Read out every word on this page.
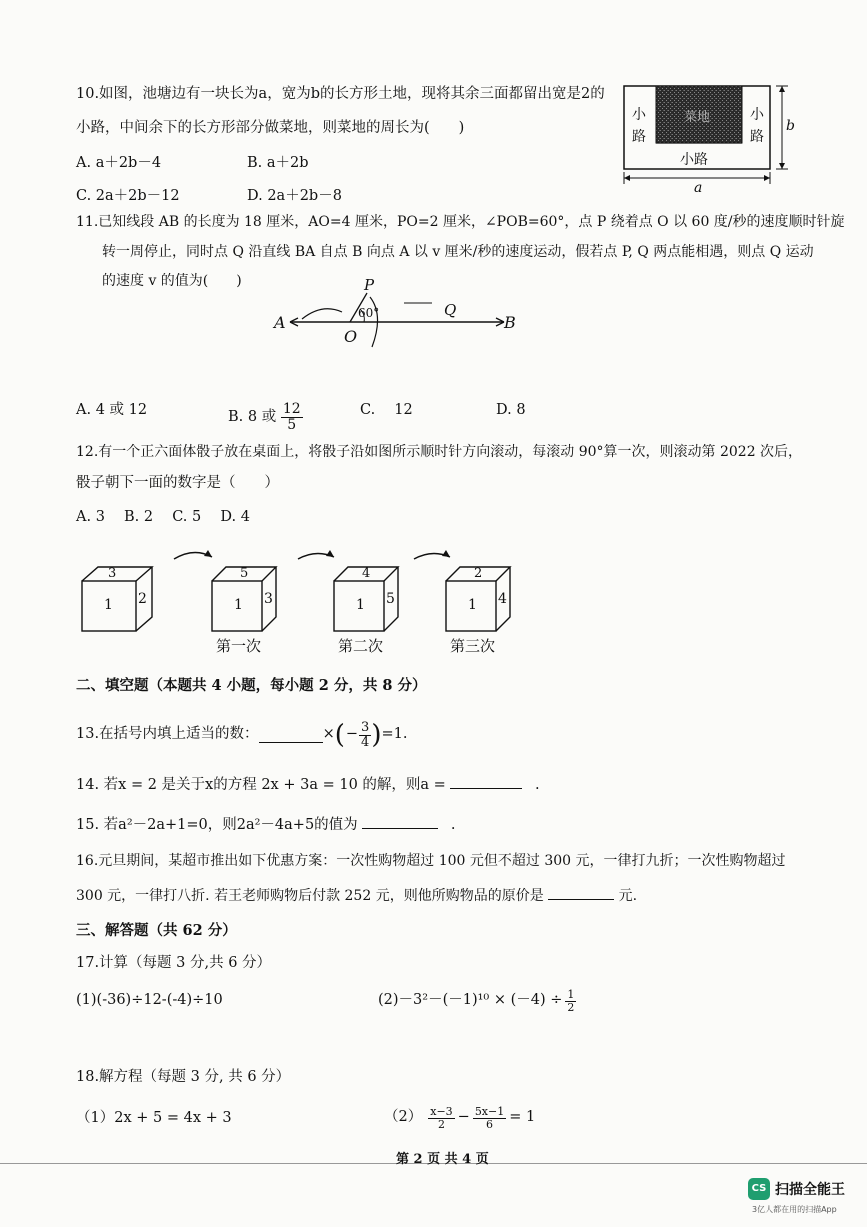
10.如图，池塘边有一块长为a，宽为b的长方形土地，现将其余三面都留出宽是2的
小路，中间余下的长方形部分做菜地，则菜地的周长为(　　)
A. a＋2b－4	B. a＋2b
C. 2a＋2b－12	D. 2a＋2b－8
小路
小路
小路
菜地
b
a
11.已知线段 AB 的长度为 18 厘米，AO=4 厘米，PO=2 厘米，∠POB=60°，点 P 绕着点 O 以 60 度/秒的速度顺时针旋
转一周停止，同时点 Q 沿直线 BA 自点 B 向点 A 以 v 厘米/秒的速度运动，假若点 P, Q 两点能相遇，则点 Q 运动
的速度 v 的值为(　　)
A
O
P
60°	Q
B
A. 4 或 12	B. 8 或 $\frac{12}{5}$	C.　 12	D. 8
12.有一个正六面体骰子放在桌面上，将骰子沿如图所示顺时针方向滚动，每滚动 90°算一次，则滚动第 2022 次后，
骰子朝下一面的数字是（　　）
A. 3　 B. 2　 C. 5　 D. 4
3
1 2
5
1 3
4
1 5
2
1 4
第一次	第二次	第三次
二、填空题（本题共 4 小题，每小题 2 分，共 8 分）
13.在括号内填上适当的数：	× ( − $\frac{3}{4}$ ) =1.
14. 若x = 2 是关于x的方程 2x + 3a = 10 的解，则a =	.
15. 若a²－2a+1=0，则2a²－4a+5的值为	.
16.元旦期间，某超市推出如下优惠方案：一次性购物超过 100 元但不超过 300 元，一律打九折；一次性购物超过
300 元，一律打八折. 若王老师购物后付款 252 元，则他所购物品的原价是	元.
三、解答题（共 62 分）
17.计算（每题 3 分,共 6 分）
(1)(-36)÷12-(-4)÷10	$(2)-3^2-(-1)^{10} \times (-4) \div \frac{1}{2}$
18.解方程（每题 3 分, 共 6 分）
（1）2x + 5 = 4x + 3	$(2) \frac{x-3}{2} - \frac{5x-1}{6} = 1$
第 2 页 共 4 页
CS 扫描全能王
3亿人都在用的扫描App
